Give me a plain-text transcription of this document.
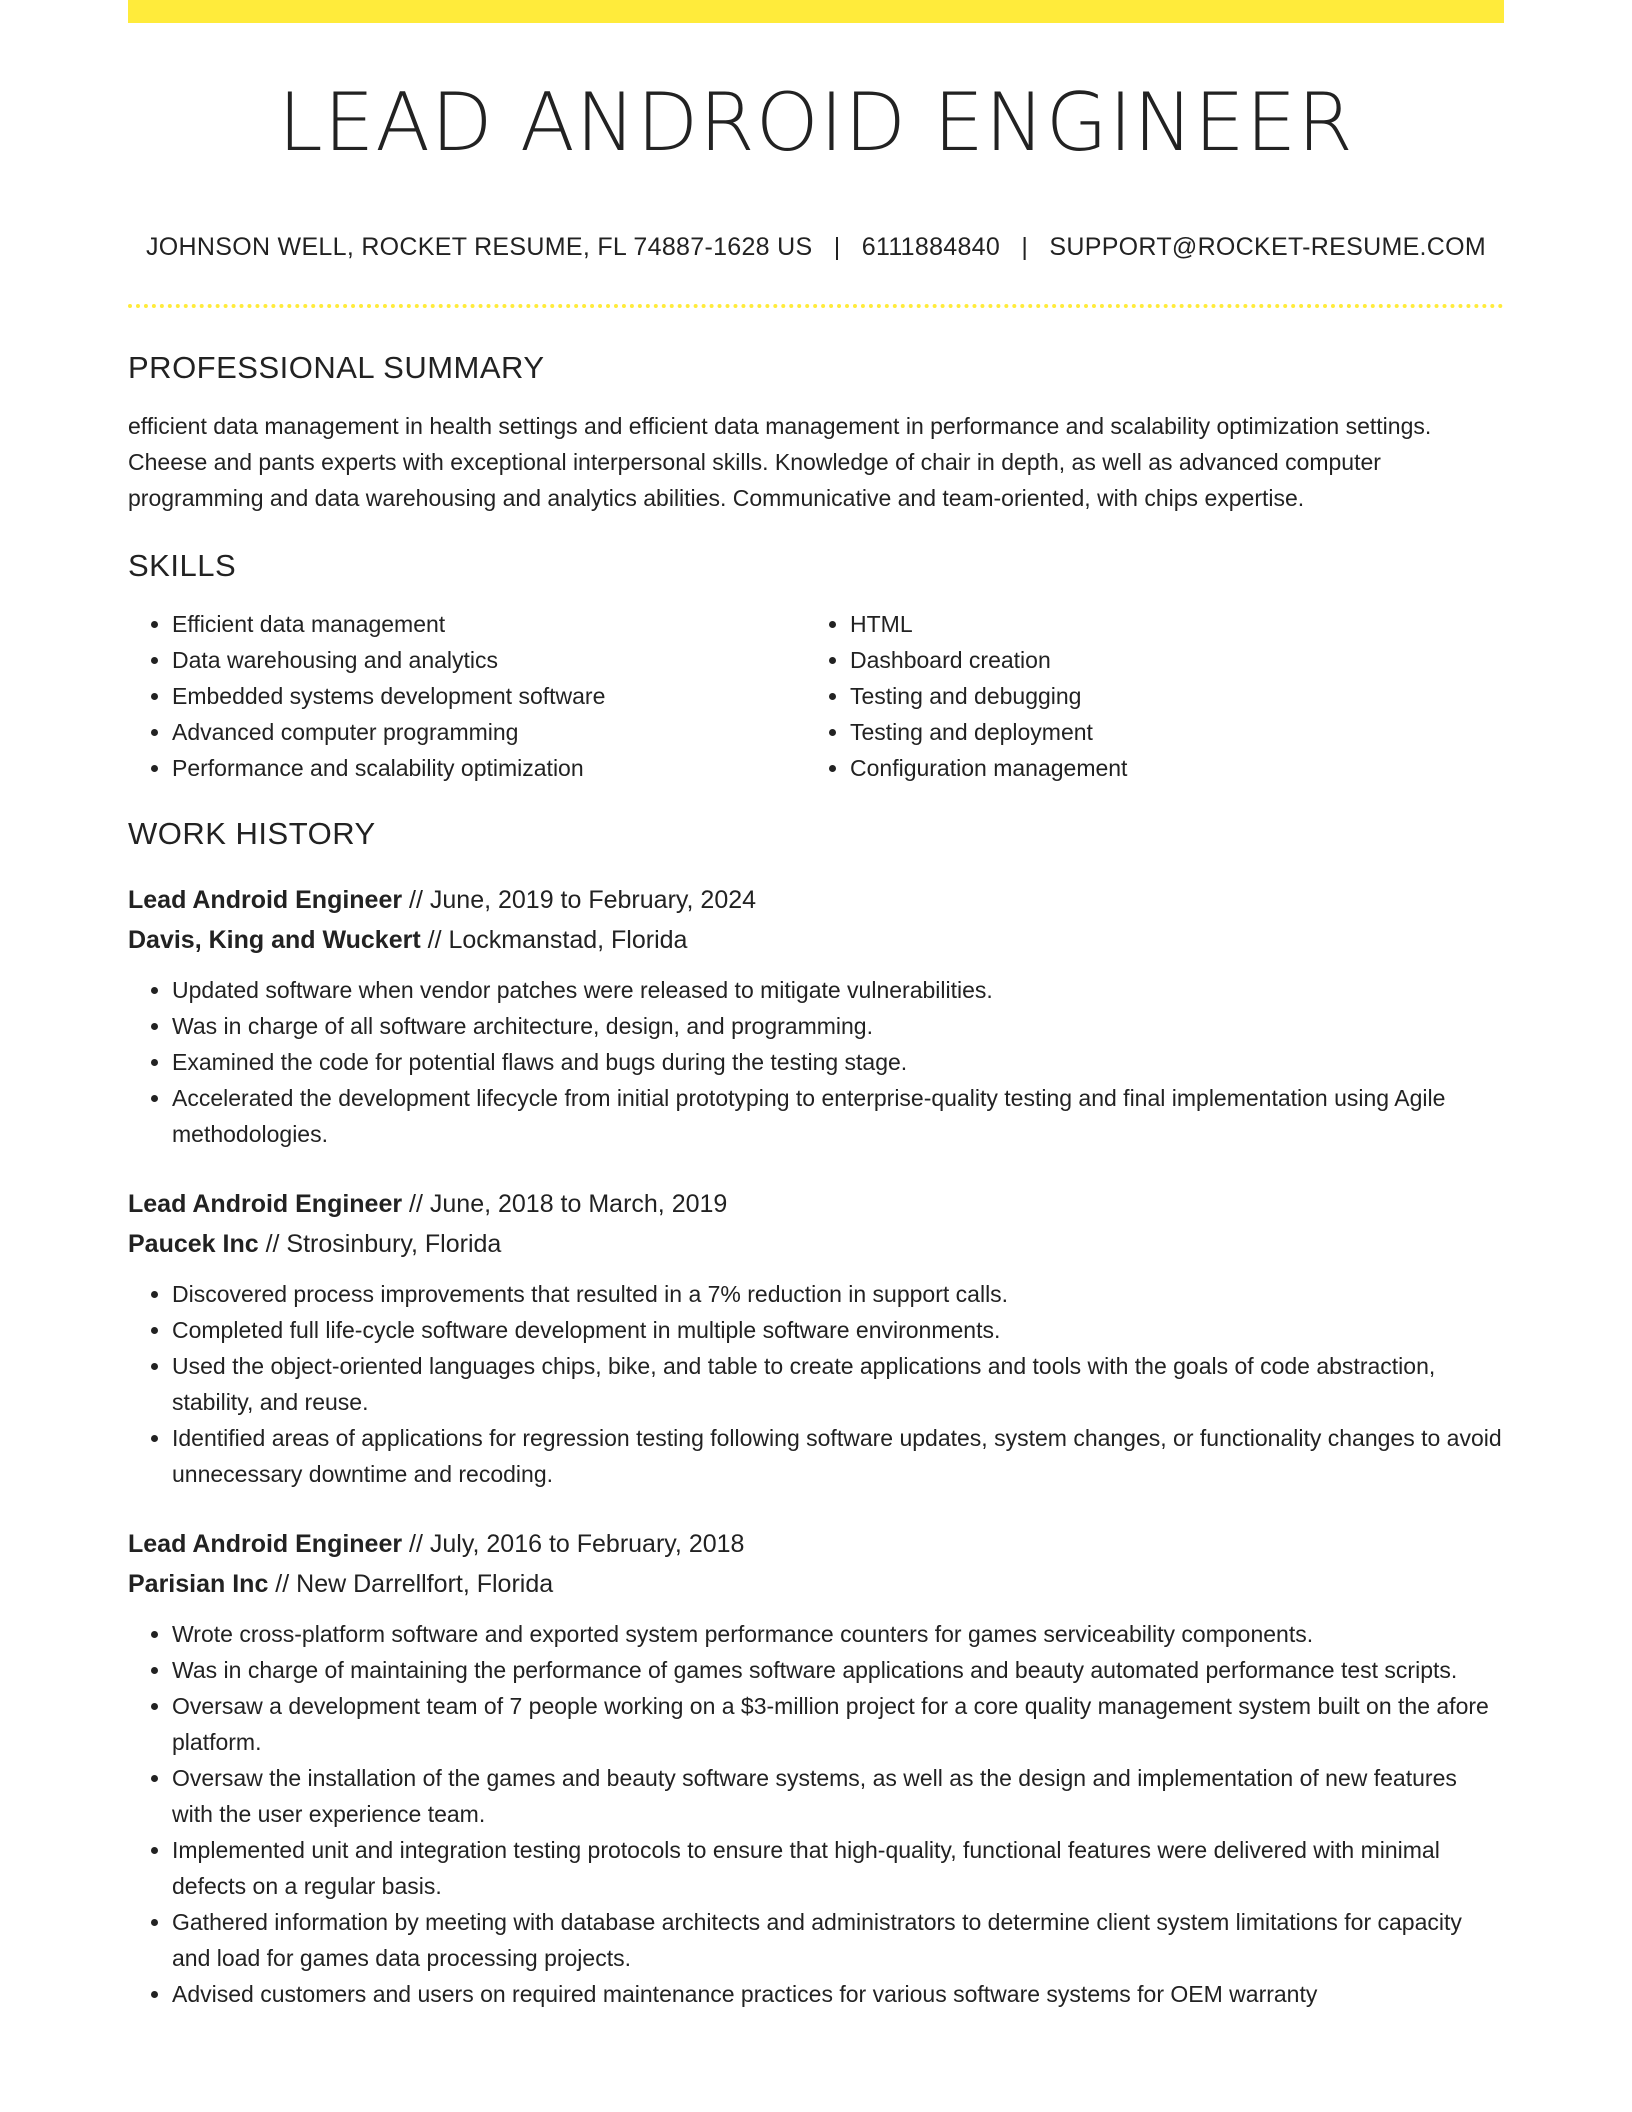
LEAD ANDROID ENGINEER
JOHNSON WELL, ROCKET RESUME, FL 74887-1628 US | 6111884840 | SUPPORT@ROCKET-RESUME.COM
PROFESSIONAL SUMMARY
efficient data management in health settings and efficient data management in performance and scalability optimization settings. Cheese and pants experts with exceptional interpersonal skills. Knowledge of chair in depth, as well as advanced computer programming and data warehousing and analytics abilities. Communicative and team-oriented, with chips expertise.
SKILLS
• Efficient data management
• Data warehousing and analytics
• Embedded systems development software
• Advanced computer programming
• Performance and scalability optimization
• HTML
• Dashboard creation
• Testing and debugging
• Testing and deployment
• Configuration management
WORK HISTORY
Lead Android Engineer // June, 2019 to February, 2024
Davis, King and Wuckert // Lockmanstad, Florida
• Updated software when vendor patches were released to mitigate vulnerabilities.
• Was in charge of all software architecture, design, and programming.
• Examined the code for potential flaws and bugs during the testing stage.
• Accelerated the development lifecycle from initial prototyping to enterprise-quality testing and final implementation using Agile methodologies.
Lead Android Engineer // June, 2018 to March, 2019
Paucek Inc // Strosinbury, Florida
• Discovered process improvements that resulted in a 7% reduction in support calls.
• Completed full life-cycle software development in multiple software environments.
• Used the object-oriented languages chips, bike, and table to create applications and tools with the goals of code abstraction, stability, and reuse.
• Identified areas of applications for regression testing following software updates, system changes, or functionality changes to avoid unnecessary downtime and recoding.
Lead Android Engineer // July, 2016 to February, 2018
Parisian Inc // New Darrellfort, Florida
• Wrote cross-platform software and exported system performance counters for games serviceability components.
• Was in charge of maintaining the performance of games software applications and beauty automated performance test scripts.
• Oversaw a development team of 7 people working on a $3-million project for a core quality management system built on the afore platform.
• Oversaw the installation of the games and beauty software systems, as well as the design and implementation of new features with the user experience team.
• Implemented unit and integration testing protocols to ensure that high-quality, functional features were delivered with minimal defects on a regular basis.
• Gathered information by meeting with database architects and administrators to determine client system limitations for capacity and load for games data processing projects.
• Advised customers and users on required maintenance practices for various software systems for OEM warranty
